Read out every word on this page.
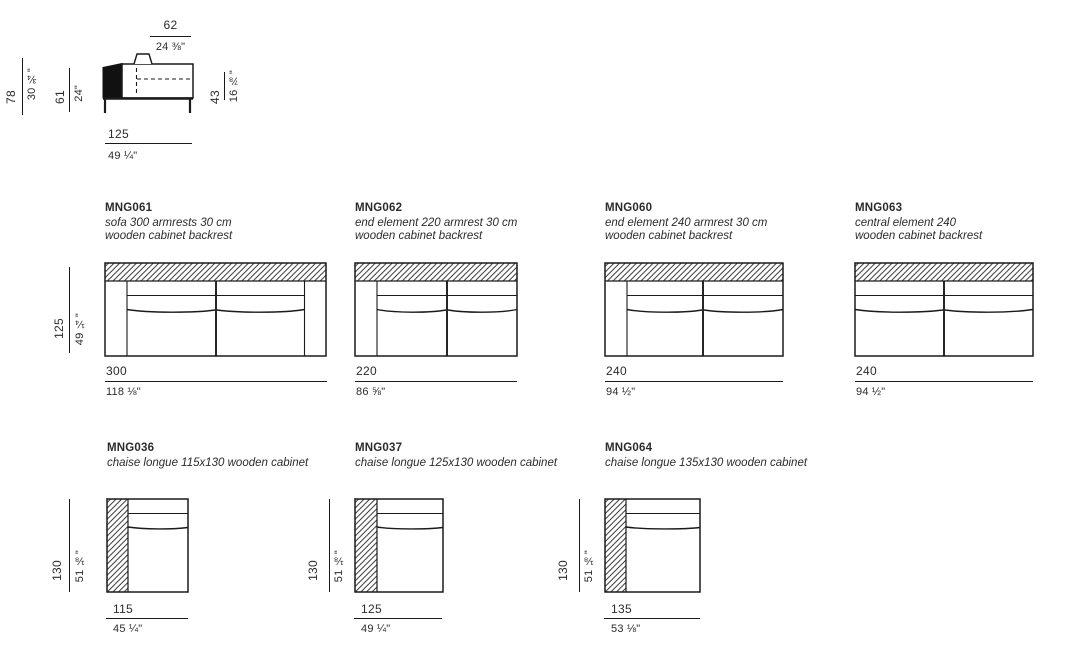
78 30 ¾" 61 24"
62
24 ⅜"
43 16 ⅞"
125
49 ¼"
125 49 ¼"
MNG061
sofa 300 armrests 30 cm
wooden cabinet backrest
300
118 ⅛"
MNG062
end element 220 armrest 30 cm
wooden cabinet backrest
220
86 ⅝"
MNG060
end element 240 armrest 30 cm
wooden cabinet backrest
240
94 ½"
MNG063
central element 240
wooden cabinet backrest
240
94 ½"
MNG036
chaise longue 115x130 wooden cabinet
130 51 ⅛"
115
45 ¼"
MNG037
chaise longue 125x130 wooden cabinet
130 51 ⅛"
125
49 ¼"
MNG064
chaise longue 135x130 wooden cabinet
130 51 ⅛"
135
53 ⅛"
